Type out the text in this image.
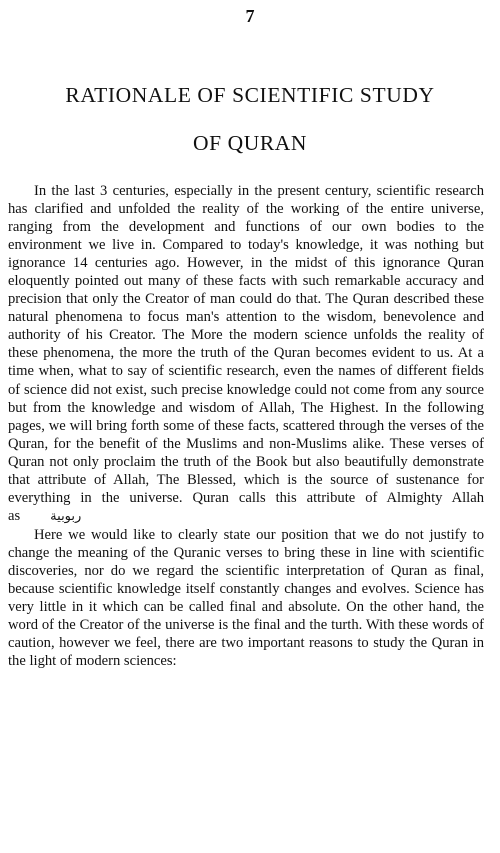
7
RATIONALE OF SCIENTIFIC STUDY
OF QURAN

In the last 3 centuries, especially in the present century, scientific research has clarified and unfolded the reality of the working of the entire universe, ranging from the development and functions of our own bodies to the environment we live in. Compared to today's knowledge, it was nothing but ignorance 14 centuries ago. However, in the midst of this ignorance Quran eloquently pointed out many of these facts with such remarkable accuracy and precision that only the Creator of man could do that. The Quran described these natural phenomena to focus man's attention to the wisdom, benevolence and authority of his Creator. The More the modern science unfolds the reality of these phenomena, the more the truth of the Quran becomes evident to us. At a time when, what to say of scientific research, even the names of different fields of science did not exist, such precise knowledge could not come from any source but from the knowledge and wisdom of Allah, The Highest. In the following pages, we will bring forth some of these facts, scattered through the verses of the Quran, for the benefit of the Muslims and non-Muslims alike. These verses of Quran not only proclaim the truth of the Book but also beautifully demonstrate that attribute of Allah, The Blessed, which is the source of sustenance for everything in the universe. Quran calls this attribute of Almighty Allah as ربوبية

Here we would like to clearly state our position that we do not justify to change the meaning of the Quranic verses to bring these in line with scientific discoveries, nor do we regard the scientific interpretation of Quran as final, because scientific knowledge itself constantly changes and evolves. Science has very little in it which can be called final and absolute. On the other hand, the word of the Creator of the universe is the final and the turth. With these words of caution, however we feel, there are two important reasons to study the Quran in the light of modern sciences:
